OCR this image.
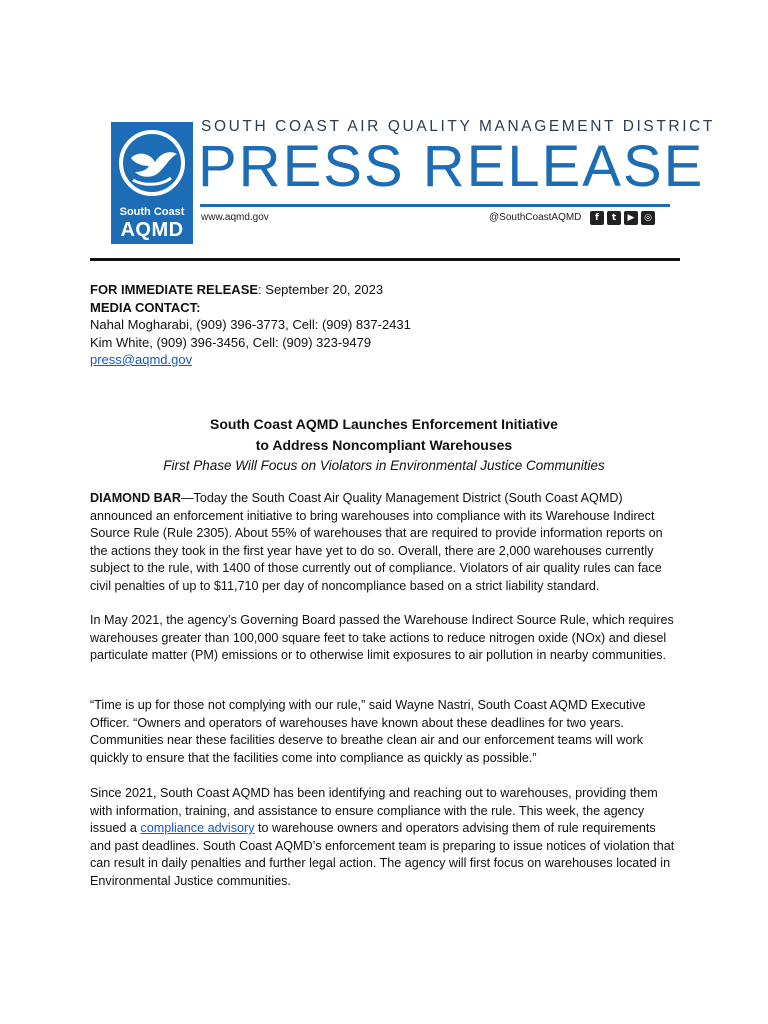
South Coast
AQMD
SOUTH COAST AIR QUALITY MANAGEMENT DISTRICT
PRESS RELEASE
www.aqmd.gov	@SouthCoastAQMD	f	t	▶	◎
FOR IMMEDIATE RELEASE: September 20, 2023
MEDIA CONTACT:
Nahal Mogharabi, (909) 396-3773, Cell: (909) 837-2431
Kim White, (909) 396-3456, Cell: (909) 323-9479
press@aqmd.gov
South Coast AQMD Launches Enforcement Initiative
to Address Noncompliant Warehouses
First Phase Will Focus on Violators in Environmental Justice Communities
DIAMOND BAR—Today the South Coast Air Quality Management District (South Coast AQMD) announced an enforcement initiative to bring warehouses into compliance with its Warehouse Indirect Source Rule (Rule 2305). About 55% of warehouses that are required to provide information reports on the actions they took in the first year have yet to do so. Overall, there are 2,000 warehouses currently subject to the rule, with 1400 of those currently out of compliance. Violators of air quality rules can face civil penalties of up to $11,710 per day of noncompliance based on a strict liability standard.
In May 2021, the agency’s Governing Board passed the Warehouse Indirect Source Rule, which requires warehouses greater than 100,000 square feet to take actions to reduce nitrogen oxide (NOx) and diesel particulate matter (PM) emissions or to otherwise limit exposures to air pollution in nearby communities.
“Time is up for those not complying with our rule,” said Wayne Nastri, South Coast AQMD Executive Officer. “Owners and operators of warehouses have known about these deadlines for two years. Communities near these facilities deserve to breathe clean air and our enforcement teams will work quickly to ensure that the facilities come into compliance as quickly as possible.”
Since 2021, South Coast AQMD has been identifying and reaching out to warehouses, providing them with information, training, and assistance to ensure compliance with the rule. This week, the agency issued a compliance advisory to warehouse owners and operators advising them of rule requirements and past deadlines. South Coast AQMD’s enforcement team is preparing to issue notices of violation that can result in daily penalties and further legal action. The agency will first focus on warehouses located in Environmental Justice communities.
